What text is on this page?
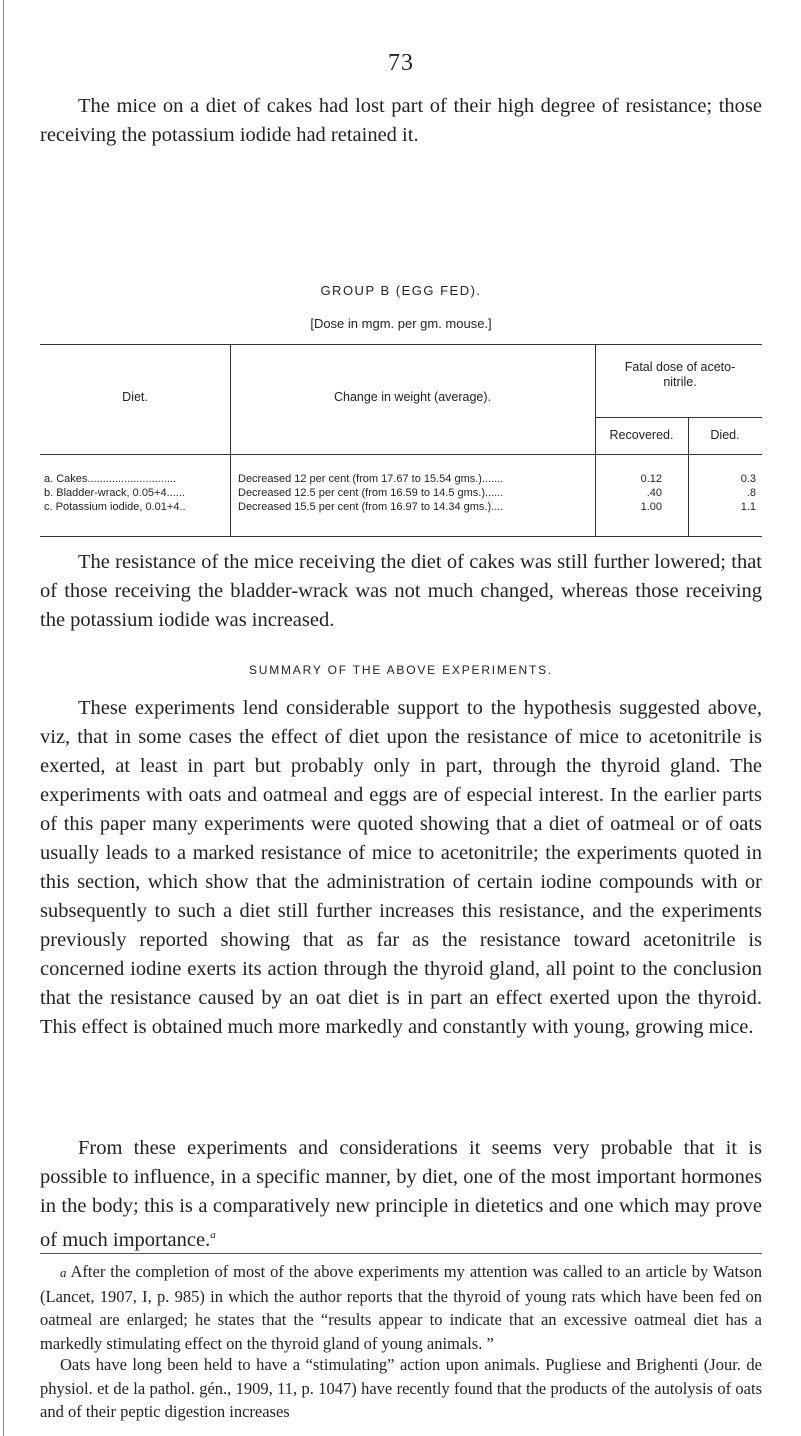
73

The mice on a diet of cakes had lost part of their high degree of resistance; those receiving the potassium iodide had retained it.

GROUP B (EGG FED).
[Dose in mgm. per gm. mouse.]
Diet.	Change in weight (average).
Fatal dose of aceto-nitrile.
Recovered.	Died.
a. Cakes.............................	Decreased 12 per cent (from 17.67 to 15.54 gms.).......	0.12	0.3
b. Bladder-wrack, 0.05+4......	Decreased 12.5 per cent (from 16.59 to 14.5 gms.)......	.40	.8
c. Potassium iodide, 0.01+4..	Decreased 15.5 per cent (from 16.97 to 14.34 gms.)....	1.00	1.1

The resistance of the mice receiving the diet of cakes was still further lowered; that of those receiving the bladder-wrack was not much changed, whereas those receiving the potassium iodide was increased.

SUMMARY OF THE ABOVE EXPERIMENTS.

These experiments lend considerable support to the hypothesis suggested above, viz, that in some cases the effect of diet upon the resistance of mice to acetonitrile is exerted, at least in part but probably only in part, through the thyroid gland. The experiments with oats and oatmeal and eggs are of especial interest. In the earlier parts of this paper many experiments were quoted showing that a diet of oatmeal or of oats usually leads to a marked resistance of mice to acetonitrile; the experiments quoted in this section, which show that the administration of certain iodine compounds with or subsequently to such a diet still further increases this resistance, and the experiments previously reported showing that as far as the resistance toward acetonitrile is concerned iodine exerts its action through the thyroid gland, all point to the conclusion that the resistance caused by an oat diet is in part an effect exerted upon the thyroid. This effect is obtained much more markedly and constantly with young, growing mice.

From these experiments and considerations it seems very probable that it is possible to influence, in a specific manner, by diet, one of the most important hormones in the body; this is a comparatively new principle in dietetics and one which may prove of much importance.$^a$

a After the completion of most of the above experiments my attention was called to an article by Watson (Lancet, 1907, I, p. 985) in which the author reports that the thyroid of young rats which have been fed on oatmeal are enlarged; he states that the “results appear to indicate that an excessive oatmeal diet has a markedly stimulating effect on the thyroid gland of young animals. ”

Oats have long been held to have a “stimulating” action upon animals. Pugliese and Brighenti (Jour. de physiol. et de la pathol. gén., 1909, 11, p. 1047) have recently found that the products of the autolysis of oats and of their peptic digestion increases
